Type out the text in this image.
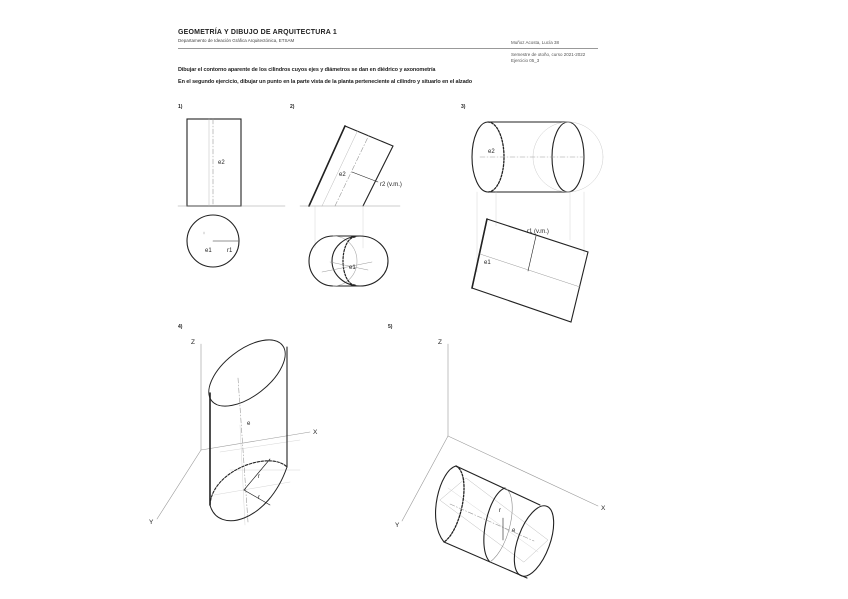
GEOMETRÍA Y DIBUJO DE ARQUITECTURA 1
Departamento de Ideación Gráfica Arquitectónica, ETSAM	Muñoz Acosta, Lucía 38
Semestre de otoño, curso 2021-2022
Ejercicio 05_3
Dibujar el contorno aparente de los cilindros cuyos ejes y diámetros se dan en diédrico y axonometría
En el segundo ejercicio, dibujar un punto en la parte vista de la planta perteneciente al cilindro y situarlo en el alzado
1)
e2
e1	r1
2)
e2
r2 (v.m.)
e1
3)
e2
r1 (v.m.)
e1
4)
Z
X
Y
e
r
r
5)
Z
X
Y
r
e
